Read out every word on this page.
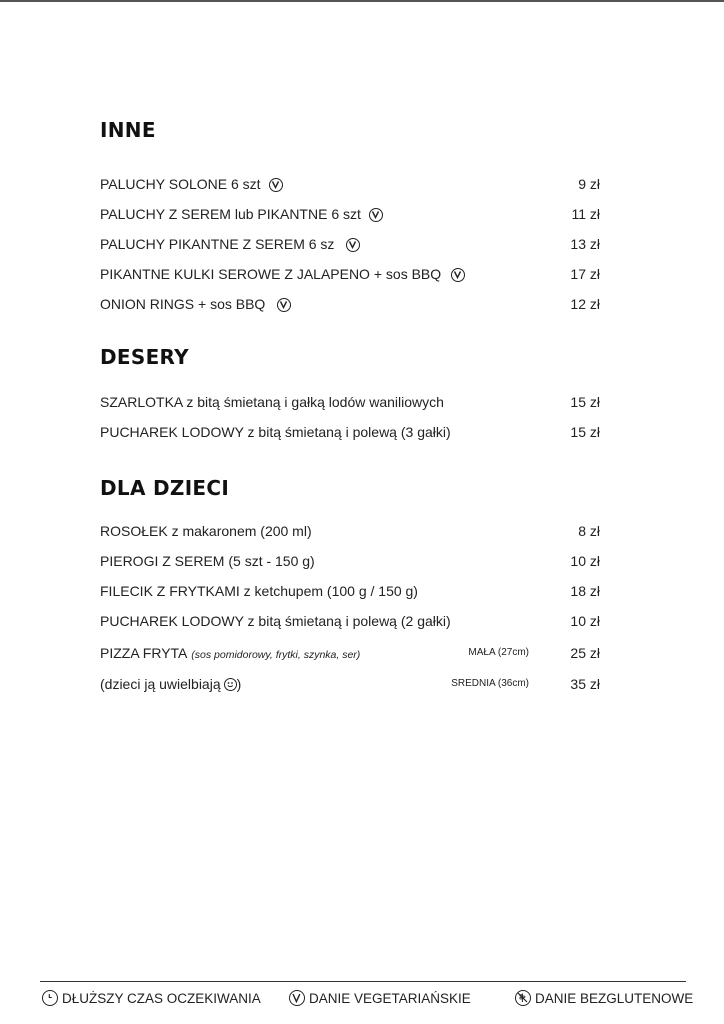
INNE
PALUCHY SOLONE 6 szt	9 zł
PALUCHY Z SEREM lub PIKANTNE 6 szt	11 zł
PALUCHY PIKANTNE Z SEREM 6 sz	13 zł
PIKANTNE KULKI SEROWE Z JALAPENO + sos BBQ	17 zł
ONION RINGS + sos BBQ	12 zł
DESERY
SZARLOTKA z bitą śmietaną i gałką lodów waniliowych	15 zł
PUCHAREK LODOWY z bitą śmietaną i polewą (3 gałki)	15 zł
DLA DZIECI
ROSOŁEK z makaronem (200 ml)	8 zł
PIEROGI Z SEREM (5 szt - 150 g)	10 zł
FILECIK Z FRYTKAMI z ketchupem (100 g / 150 g)	18 zł
PUCHAREK LODOWY z bitą śmietaną i polewą (2 gałki)	10 zł
PIZZA FRYTA (sos pomidorowy, frytki, szynka, ser)	MAŁA (27cm)	25 zł
(dzieci ją uwielbiają )	SREDNIA (36cm)	35 zł
DŁUŻSZY CZAS OCZEKIWANIA	DANIE VEGETARIAŃSKIE	DANIE BEZGLUTENOWE
